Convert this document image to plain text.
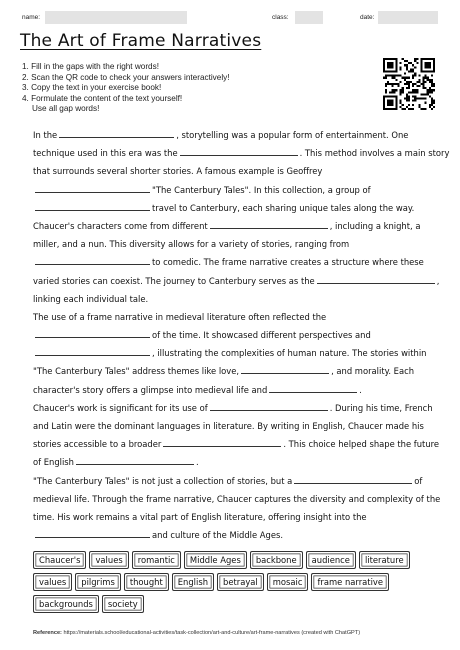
name:	class:	date:
The Art of Frame Narratives
1. Fill in the gaps with the right words!
2. Scan the QR code to check your answers interactively!
3. Copy the text in your exercise book!
4. Formulate the content of the text yourself!
Use all gap words!
In the	, storytelling was a popular form of entertainment. One
technique used in this era was the	. This method involves a main story
that surrounds several shorter stories. A famous example is Geoffrey
"The Canterbury Tales". In this collection, a group of
travel to Canterbury, each sharing unique tales along the way.
Chaucer's characters come from different	, including a knight, a
miller, and a nun. This diversity allows for a variety of stories, ranging from
to comedic. The frame narrative creates a structure where these
varied stories can coexist. The journey to Canterbury serves as the	,
linking each individual tale.
The use of a frame narrative in medieval literature often reflected the
of the time. It showcased different perspectives and
, illustrating the complexities of human nature. The stories within
"The Canterbury Tales" address themes like love,	, and morality. Each
character's story offers a glimpse into medieval life and	.
Chaucer's work is significant for its use of	. During his time, French
and Latin were the dominant languages in literature. By writing in English, Chaucer made his
stories accessible to a broader	. This choice helped shape the future
of English	.
"The Canterbury Tales" is not just a collection of stories, but a	of
medieval life. Through the frame narrative, Chaucer captures the diversity and complexity of the
time. His work remains a vital part of English literature, offering insight into the
and culture of the Middle Ages.
Chaucer's	values	romantic	Middle Ages	backbone	audience	literature
values	pilgrims	thought	English	betrayal	mosaic	frame narrative
backgrounds	society
Reference: https://materials.school/educational-activities/task-collection/art-and-culture/art-frame-narratives (created with ChatGPT)
